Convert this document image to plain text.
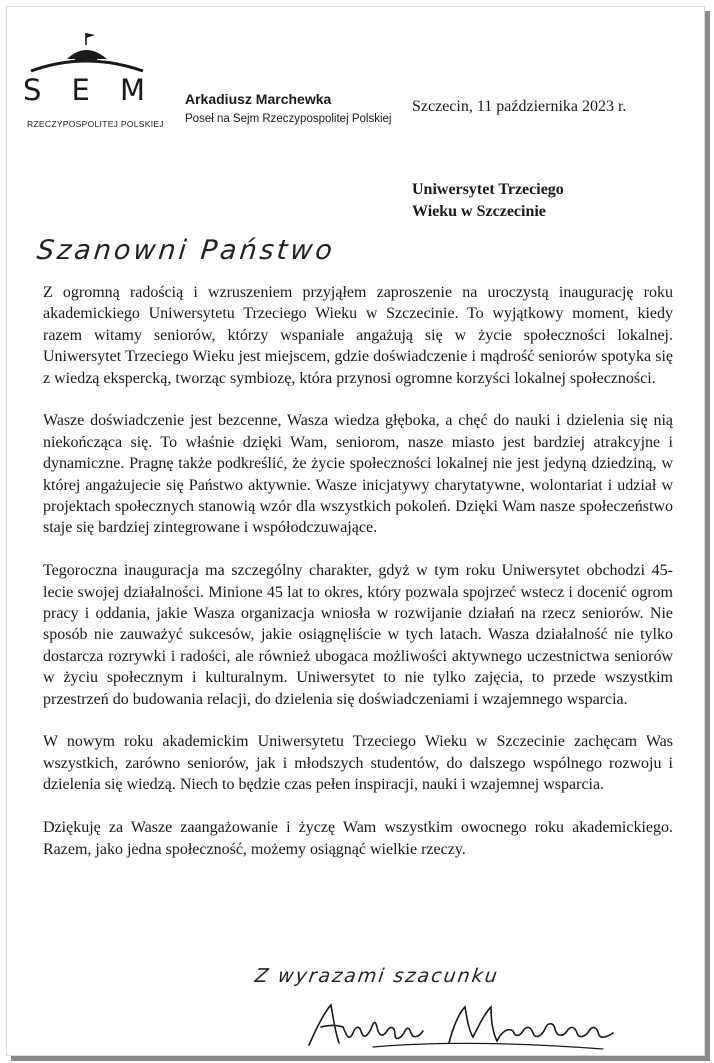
S E M
RZECZYPOSPOLITEJ POLSKIEJ
Arkadiusz Marchewka
Poseł na Sejm Rzeczypospolitej Polskiej
Szczecin, 11 października 2023 r.
Uniwersytet Trzeciego
Wieku w Szczecinie
Szanowni Państwo

Z ogromną radością i wzruszeniem przyjąłem zaproszenie na uroczystą inaugurację roku akademickiego Uniwersytetu Trzeciego Wieku w Szczecinie. To wyjątkowy moment, kiedy razem witamy seniorów, którzy wspaniale angażują się w życie społeczności lokalnej. Uniwersytet Trzeciego Wieku jest miejscem, gdzie doświadczenie i mądrość seniorów spotyka się z wiedzą ekspercką, tworząc symbiozę, która przynosi ogromne korzyści lokalnej społeczności.

Wasze doświadczenie jest bezcenne, Wasza wiedza głęboka, a chęć do nauki i dzielenia się nią niekończąca się. To właśnie dzięki Wam, seniorom, nasze miasto jest bardziej atrakcyjne i dynamiczne. Pragnę także podkreślić, że życie społeczności lokalnej nie jest jedyną dziedziną, w której angażujecie się Państwo aktywnie. Wasze inicjatywy charytatywne, wolontariat i udział w projektach społecznych stanowią wzór dla wszystkich pokoleń. Dzięki Wam nasze społeczeństwo staje się bardziej zintegrowane i współodczuwające.

Tegoroczna inauguracja ma szczególny charakter, gdyż w tym roku Uniwersytet obchodzi 45-lecie swojej działalności. Minione 45 lat to okres, który pozwala spojrzeć wstecz i docenić ogrom pracy i oddania, jakie Wasza organizacja wniosła w rozwijanie działań na rzecz seniorów. Nie sposób nie zauważyć sukcesów, jakie osiągnęliście w tych latach. Wasza działalność nie tylko dostarcza rozrywki i radości, ale również ubogaca możliwości aktywnego uczestnictwa seniorów w życiu społecznym i kulturalnym. Uniwersytet to nie tylko zajęcia, to przede wszystkim przestrzeń do budowania relacji, do dzielenia się doświadczeniami i wzajemnego wsparcia.

W nowym roku akademickim Uniwersytetu Trzeciego Wieku w Szczecinie zachęcam Was wszystkich, zarówno seniorów, jak i młodszych studentów, do dalszego wspólnego rozwoju i dzielenia się wiedzą. Niech to będzie czas pełen inspiracji, nauki i wzajemnej wsparcia.

Dziękuję za Wasze zaangażowanie i życzę Wam wszystkim owocnego roku akademickiego. Razem, jako jedna społeczność, możemy osiągnąć wielkie rzeczy.

Z wyrazami szacunku
